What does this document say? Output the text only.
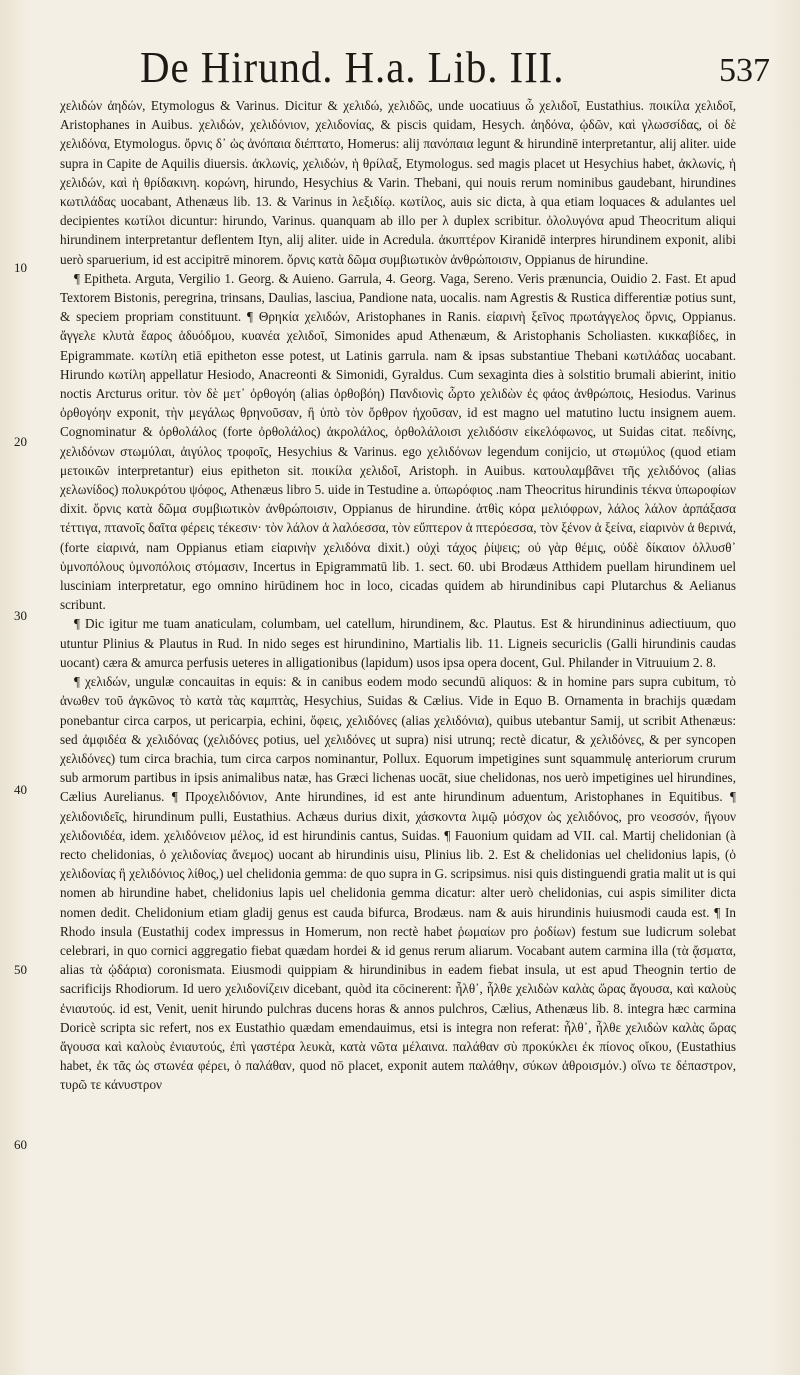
De Hirund. H.a. Lib. III.	537
10
20
30
40
50
60

χελιδών ἀηδών, Etymologus & Varinus. Dicitur & χελιδώ, χελιδῶς, unde uocatiuus ὦ χελιδοῖ, Eustathius. ποικίλα χελιδοῖ, Aristophanes in Auibus. χελιδών, χελιδόνιον, χελιδονίας, & piscis quidam, Hesych. ἀηδόνα, ᾠδῶν, καὶ γλωσσίδας, οἱ δὲ χελιδόνα, Etymologus. ὄρνις δ᾽ ὡς ἀνόπαια διέπτατο, Homerus: alij πανόπαια legunt & hirundinē interpretantur, alij aliter. uide supra in Capite de Aquilis diuersis. ἀκλωνίς, χελιδών, ἡ θρίλαξ, Etymologus. sed magis placet ut Hesychius habet, ἀκλωνίς, ἡ χελιδών, καὶ ἡ θρίδακινη. κορώνη, hirundo, Hesychius & Varin. Thebani, qui nouis rerum nominibus gaudebant, hirundines κωτιλάδας uocabant, Athenæus lib. 13. & Varinus in λεξιδίῳ. κωτίλος, auis sic dicta, à qua etiam loquaces & adulantes uel decipientes κωτίλοι dicuntur: hirundo, Varinus. quanquam ab illo per λ duplex scribitur. ὀλολυγόνα apud Theocritum aliqui hirundinem interpretantur deflentem Ityn, alij aliter. uide in Acredula. ἀκυπτέρον Kiranidē interpres hirundinem exponit, alibi uerò sparuerium, id est accipitrē minorem. ὄρνις κατὰ δῶμα συμβιωτικὸν ἀνθρώποισιν, Oppianus de hirundine.

¶ Epitheta. Arguta, Vergilio 1. Georg. & Auieno. Garrula, 4. Georg. Vaga, Sereno. Veris prænuncia, Ouidio 2. Fast. Et apud Textorem Bistonis, peregrina, trinsans, Daulias, lasciua, Pandione nata, uocalis. nam Agrestis & Rustica differentiæ potius sunt, & speciem propriam constituunt. ¶ Θρηκία χελιδών, Aristophanes in Ranis. εἰαρινὴ ξεῖνος πρωτάγγελος ὄρνις, Oppianus. ἄγγελε κλυτὰ ἔαρος ἁδυόδμου, κυανέα χελιδοῖ, Simonides apud Athenæum, & Aristophanis Scholiasten. κικκαβίδες, in Epigrammate. κωτίλη etiā epitheton esse potest, ut Latinis garrula. nam & ipsas substantiue Thebani κωτιλάδας uocabant. Hirundo κωτίλη appellatur Hesiodo, Anacreonti & Simonidi, Gyraldus. Cum sexaginta dies à solstitio brumali abierint, initio noctis Arcturus oritur. τὸν δὲ μετ᾽ ὀρθογόη (alias ὀρθοβόη) Πανδιονὶς ὦρτο χελιδὼν ἐς φάος ἀνθρώποις, Hesiodus. Varinus ὀρθογόην exponit, τὴν μεγάλως θρηνοῦσαν, ἢ ὑπὸ τὸν ὄρθρον ἠχοῦσαν, id est magno uel matutino luctu insignem auem. Cognominatur & ὀρθολάλος (forte ὀρθολάλος) ἀκρολάλος, ὀρθολάλοισι χελιδόσιν εἰκελόφωνος, ut Suidas citat. πεδίνης, χελιδόνων στωμύλαι, ἀιγύλος τροφοῖς, Hesychius & Varinus. ego χελιδόνων legendum conijcio, ut στωμύλος (quod etiam μετοικῶν interpretantur) eius epitheton sit. ποικίλα χελιδοῖ, Aristoph. in Auibus. κατουλαμβᾶνει τῆς χελιδόνος (alias χελωνίδος) πολυκρότου ψόφος, Athenæus libro 5. uide in Testudine a. ὑπωρόφιος .nam Theocritus hirundinis τέκνα ὑπωροφίων dixit. ὄρνις κατὰ δῶμα συμβιωτικὸν ἀνθρώποισιν, Oppianus de hirundine. ἀτθὶς κόρα μελιόφρων, λάλος λάλον ἁρπάξασα τέττιγα, πτανοῖς δαῖτα φέρεις τέκεσιν· τὸν λάλον ἁ λαλόεσσα, τὸν εὔπτερον ἁ πτερόεσσα, τὸν ξένον ἁ ξείνα, εἰαρινὸν ἁ θερινά, (forte εἰαρινά, nam Oppianus etiam εἰαρινὴν χελιδόνα dixit.) οὐχὶ τάχος ῥίψεις; οὐ γὰρ θέμις, οὐδὲ δίκαιον ὀλλυσθ᾽ ὑμνοπόλους ὑμνοπόλοις στόμασιν, Incertus in Epigrammatū lib. 1. sect. 60. ubi Brodæus Atthidem puellam hirundinem uel lusciniam interpretatur, ego omnino hirūdinem hoc in loco, cicadas quidem ab hirundinibus capi Plutarchus & Aelianus scribunt.

¶ Dic igitur me tuam anaticulam, columbam, uel catellum, hirundinem, &c. Plautus. Est & hirundininus adiectiuum, quo utuntur Plinius & Plautus in Rud. In nido seges est hirundinino, Martialis lib. 11. Ligneis securiclis (Galli hirundinis caudas uocant) cæra & amurca perfusis ueteres in alligationibus (lapidum) usos ipsa opera docent, Gul. Philander in Vitruuium 2. 8.

¶ χελιδών, ungulæ concauitas in equis: & in canibus eodem modo secundū aliquos: & in homine pars supra cubitum, τὸ ἀνωθεν τοῦ ἀγκῶνος τὸ κατὰ τὰς καμπτὰς, Hesychius, Suidas & Cælius. Vide in Equo B. Ornamenta in brachijs quædam ponebantur circa carpos, ut pericarpia, echini, ὄφεις, χελιδόνες (alias χελιδόνια), quibus utebantur Samij, ut scribit Athenæus: sed ἀμφιδέα & χελιδόνας (χελιδόνες potius, uel χελιδόνες ut supra) nisi utrunq; rectè dicatur, & χελιδόνες, & per syncopen χελιδόνες) tum circa brachia, tum circa carpos nominantur, Pollux. Equorum impetigines sunt squammulę anteriorum crurum sub armorum partibus in ipsis animalibus natæ, has Græci lichenas uocāt, siue chelidonas, nos uerò impetigines uel hirundines, Cælius Aurelianus. ¶ Προχελιδόνιον, Ante hirundines, id est ante hirundinum aduentum, Aristophanes in Equitibus. ¶ χελιδονιδεῖς, hirundinum pulli, Eustathius. Achæus durius dixit, χάσκοντα λιμῷ μόσχον ὡς χελιδόνος, pro νεοσσόν, ἤγουν χελιδονιδέα, idem. χελιδόνειον μέλος, id est hirundinis cantus, Suidas. ¶ Fauonium quidam ad VII. cal. Martij chelidonian (à recto chelidonias, ὁ χελιδονίας ἄνεμος) uocant ab hirundinis uisu, Plinius lib. 2. Est & chelidonias uel chelidonius lapis, (ὁ χελιδονίας ἢ χελιδόνιος λίθος,) uel chelidonia gemma: de quo supra in G. scripsimus. nisi quis distinguendi gratia malit ut is qui nomen ab hirundine habet, chelidonius lapis uel chelidonia gemma dicatur: alter uerò chelidonias, cui aspis similiter dicta nomen dedit. Chelidonium etiam gladij genus est cauda bifurca, Brodæus. nam & auis hirundinis huiusmodi cauda est. ¶ In Rhodo insula (Eustathij codex impressus in Homerum, non rectè habet ῥωμαίων pro ῥοδίων) festum sue ludicrum solebat celebrari, in quo cornici aggregatio fiebat quædam hordei & id genus rerum aliarum. Vocabant autem carmina illa (τὰ ᾄσματα, alias τὰ ᾠδάρια) coronismata. Eiusmodi quippiam & hirundinibus in eadem fiebat insula, ut est apud Theognin tertio de sacrificijs Rhodiorum. Id uero χελιδονίζειν dicebant, quòd ita cōcinerent: ἦλθ᾽, ἦλθε χελιδὼν καλὰς ὥρας ἄγουσα, καὶ καλοὺς ἐνιαυτούς. id est, Venit, uenit hirundo pulchras ducens horas & annos pulchros, Cælius, Athenæus lib. 8. integra hæc carmina Doricè scripta sic refert, nos ex Eustathio quædam emendauimus, etsi is integra non referat: ἦλθ᾽, ἦλθε χελιδὼν καλὰς ὥρας ἄγουσα καὶ καλοὺς ἐνιαυτούς, ἐπὶ γαστέρα λευκὰ, κατὰ νῶτα μέλαινα. παλάθαν σὺ προκύκλει ἐκ πίονος οἴκου, (Eustathius habet, ἐκ τᾶς ὡς στωνέα φέρει, ὁ παλάθαν, quod nō placet, exponit autem παλάθην, σύκων ἀθροισμόν.) οἴνω τε δέπαστρον, τυρῶ τε κάνυστρον
